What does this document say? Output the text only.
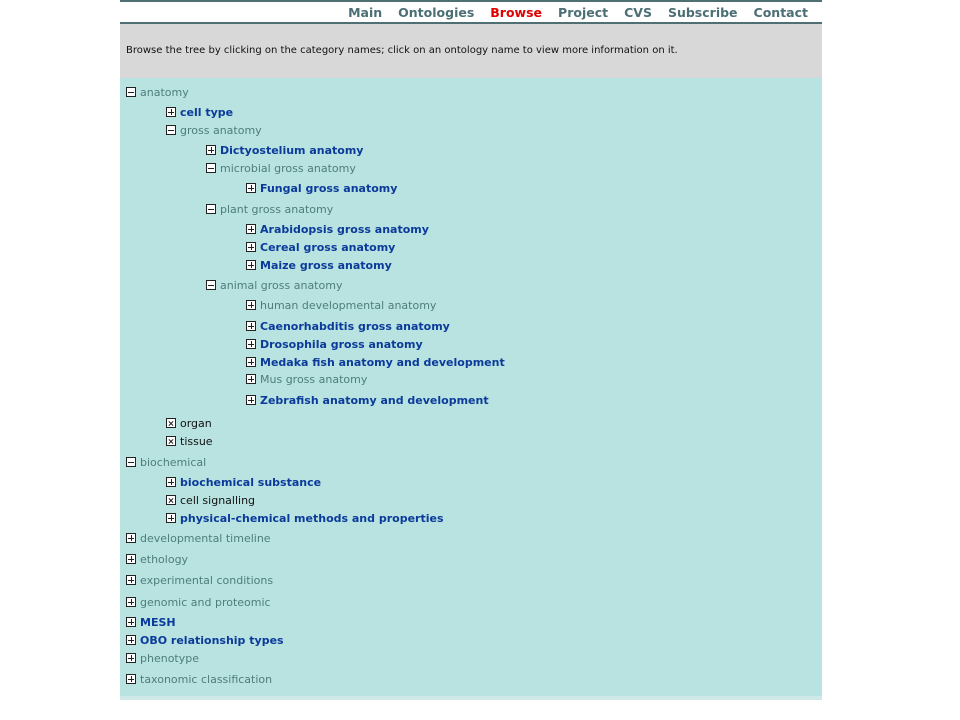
Main Ontologies Browse Project CVS Subscribe Contact

Browse the tree by clicking on the category names; click on an ontology name to view more information on it.

anatomy
cell type
gross anatomy
Dictyostelium anatomy
microbial gross anatomy
Fungal gross anatomy
plant gross anatomy
Arabidopsis gross anatomy
Cereal gross anatomy
Maize gross anatomy
animal gross anatomy
human developmental anatomy
Caenorhabditis gross anatomy
Drosophila gross anatomy
Medaka fish anatomy and development
Mus gross anatomy
Zebrafish anatomy and development
organ
tissue
biochemical
biochemical substance
cell signalling
physical-chemical methods and properties
developmental timeline
ethology
experimental conditions
genomic and proteomic
MESH
OBO relationship types
phenotype
taxonomic classification
